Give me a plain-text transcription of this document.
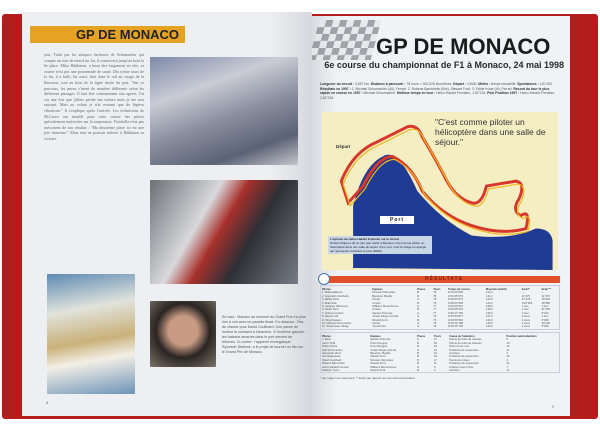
GP DE MONACO
jour. Trahi par les attaques furieuses de Schumacher qui compte un tour de retard sur lui, il conservera jusqu'au bout la 6e place. Mika Häkkinen, a beau être largement en tête, sa course n'est pas une promenade de santé. Dès trente tours de la fin, il a failli, lui aussi, finir dans le rail au virage de la Rascasse, tout au bout de la ligne droite du port. "Sur ce parcours, les pneus s'usent de manière différente selon les différents passages. Il faut être constamment aux aguets. J'ai cru une fois que j'allais perdre ma voiture mais je me suis rattrapé. Mais au volant je n'ai ressenti que de légères vibrations." Il s'explique après l'arrivée. Les techniciens de McLaren ont installé pour cette course des pièces spécialement renforcées sur la suspension. Fisichella n'est pas mécontent de son résultat : "Ma deuxième place ici est une joie immense." Mais rien ne pouvait enlever à Häkkinen sa victoire.
En haut : Monaco au moment du Grand Prix n'a plus rien à voir avec un paradis fiscal. En dessous : Pas de chance pour David Coulthard. Une panne de moteur le contraint à l'abandon. À l'extrême gauche : les bateaux amarrés dans le port servent de tribunes. Ci-contre : l'apprenti monégasque Sylvester Stallone, a le projet de tourner un film sur le Grand Prix de Monaco.
8
GP DE MONACO
6e course du championnat de F1 à Monaco, 24 mai 1998
Longueur du circuit : 3,367 km. Distance à parcourir : 78 tours = 262,626 kilomètres. Départ : 14h30. Météo : temps ensoleillé. Spectateurs : 120 000. Résultats en 1997 : 1. Michael Schumacher (All), Ferrari. 2. Rubens Barrichello (Bré), Stewart Ford. 3. Eddie Irvine (Irl), Ferrari. Record du tour le plus rapide en course en 1997 : Michael Schumacher. Meilleur temps en tour : Heinz-Harald Frentzen, 1'18"216. Pole Position 1997 : Heinz-Harald Frentzen, 1'18"216.
"C'est comme piloter un hélicoptère dans une salle de séjour."
Départ
Port
L'opinion de Heinz-Harald Frentzen sur le circuit
Nelson Piquet a dit un jour que rouler à Monaco c'est comme piloter un hélicoptère dans une salle de séjour. Pour moi, c'est le virage en épingle qui représente l'obstacle le plus difficile.
RÉSULTATS
Pilotes	Equipes	Pneus	Tours	Temps de course	Moyenne (km/h)	Ecart*	Ecart **
1. Mika Häkkinen	McLaren Mercedes	B	78	1h51'23"595	141,4	—	—
2. Giancarlo Fisichella	Benetton Playlife	B	78	1h51'35"070	141,1	11"475	11"475
3. Eddie Irvine	Ferrari	G	78	1h52'04"973	140,5	41"378	29"903
4. Mika Salo	Arrows	B	78	1h52'23"958	140,1	1'00"363	18"985
5. Jacques Villeneuve	Williams Mecachrome	G	77	1h51'46"915	139,0	1 tour	1 tour
6. Pedro Diniz	Arrows	B	77	1h52'08"543	138,4	1 tour	21"628
7. Johnny Herbert	Sauber Petronas	G	77	1h52'17"766	138,2	1 tour	9"223
8. Damon Hill	Jordan Mugen Honda	G	76	1h51'53"871	137,0	2 tours	1 tour
9. Shinji Nakano	Minardi Ford	B	76	1h51'59"960	136,8	2 tours	6"089
10. Michael Schumacher	Ferrari	G	76	1h52'10"188	136,6	2 tours	10"228
11. Toranosuke Takagi	Tyrrell Ford	G	76	1h52'15"736	136,4	2 tours	5"548
Pilotes	Equipes	Pneus	Tours	Cause de l'abandon	Position avant abandon
J. Alesi	Sauber Petronas	G	72	Panne de boîte de vitesses	6
Jarno Trulli	Prost Peugeot	B	56	Panne de boîte de vitesses	10
Olivier Panis	Prost Peugeot	B	49	Perte d'une roue	10
Ralf Schumacher	Jordan Mugen Honda	G	44	Problème de suspension	11
Alexander Wurz	Benetton Playlife	B	42	Accident	4
Jan Magnussen	Stewart Ford	B	30	Problème de suspension	12
David Coulthard	McLaren Mercedes	B	17	Panne de moteur	2
Rubens Barrichello	Stewart Ford	B	11	Problème de suspension	14
Heinz-Harald Frentzen	Williams Mecachrome	G	9	Collision avec Irvine	7
Esteban Tuero	Minardi Ford	B	0	Accident	21
* par rapport au vainqueur ** Ecart par rapport au concurrent précédent
9
